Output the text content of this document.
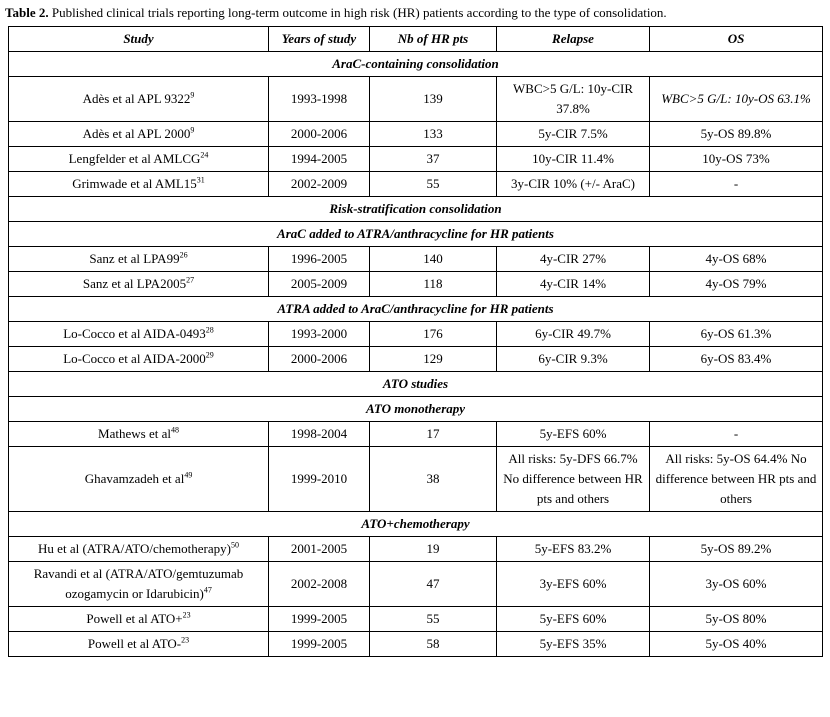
Table 2. Published clinical trials reporting long-term outcome in high risk (HR) patients according to the type of consolidation.
Study	Years of study	Nb of HR pts	Relapse	OS
AraC-containing consolidation				
Adès et al APL 9322$^9$	1993-1998	139	WBC>5 G/L: 10y-CIR 37.8%	WBC>5 G/L: 10y-OS 63.1%
Adès et al APL 2000$^9$	2000-2006	133	5y-CIR 7.5%	5y-OS 89.8%
Lengfelder et al AMLCG$^{24}$	1994-2005	37	10y-CIR 11.4%	10y-OS 73%
Grimwade et al $AML15^{31}$	2002-2009	55	3y-CIR 10% (+/- AraC)	-
Risk-stratification consolidation				
AraC added to ATRA/anthracycline for HR patients				
Sanz et al $LPA99^{26}$	1996-2005	140	4y-CIR 27%	4y-OS 68%
Sanz et al LPA2005$^{27}$	2005-2009	118	4y-CIR 14%	4y-OS 79%
ATRA added to AraC/anthracycline for HR patients				
Lo-Cocco et al AIDA-0493$^{28}$	1993-2000	176	6y-CIR 49.7%	6y-OS 61.3%
Lo-Cocco et al AIDA-2000$^{29}$	2000-2006	129	6y-CIR 9.3%	6y-OS 83.4%
ATO studies				
ATO monotherapy				
Mathews et $al^{48}$	1998-2004	17	5y-EFS 60%	-
Ghavamzadeh et $al^{49}$	1999-2010	38	All risks: 5y-DFS 66.7% No difference between HR pts and others	All risks: 5y-OS 64.4% No difference between HR pts and others
ATO+chemotherapy				
Hu et al (ATRA/ATO/chemotherapy)$^{50}$	2001-2005	19	5y-EFS 83.2%	5y-OS 89.2%
Ravandi et al (ATRA/ATO/gemtuzumab ozogamycin or Idarubicin)$^{47}$	2002-2008	47	3y-EFS 60%	3y-OS 60%
Powell et al ATO+$^{23}$	1999-2005	55	5y-EFS 60%	5y-OS 80%
Powell et al ATO-$^{23}$	1999-2005	58	5y-EFS 35%	5y-OS 40%
